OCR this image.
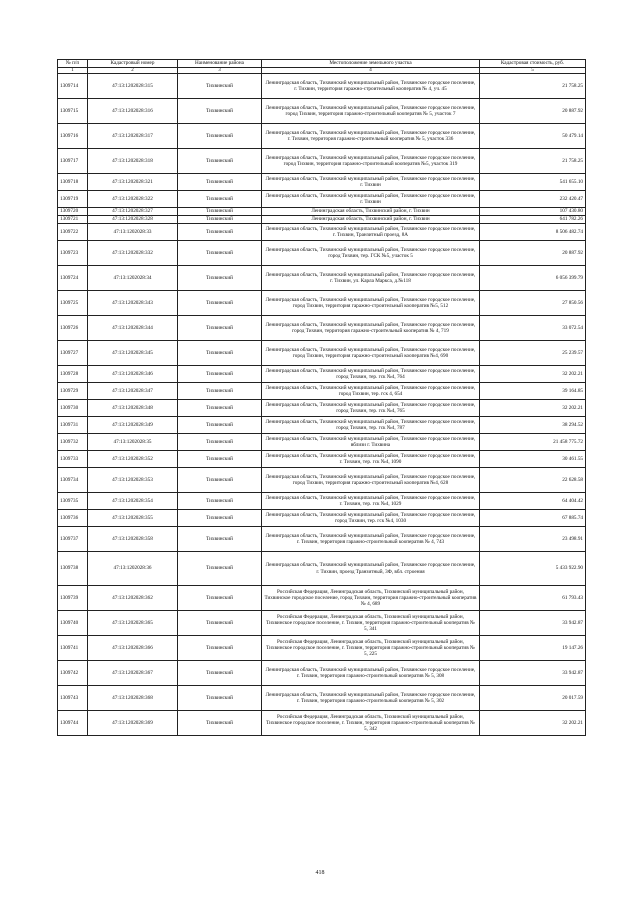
№ п/п	Кадастровый номер	Наименование района	Местоположение земельного участка	Кадастровая стоимость, руб.
1	2	3	4	5
1309714	47:13:1202028:315	Тихвинский	Ленинградская область, Тихвинский муниципальный район, Тихвинское городское поселение, г. Тихвин, территория гаражно-строительный кооператив № 4, уч. 45	21 758.25
1309715	47:13:1202028:316	Тихвинский	Ленинградская область, Тихвинский муниципальный район, Тихвинское городское поселение, город Тихвин, территория гаражно-строительный кооператив № 5, участок 7	20 887.92
1309716	47:13:1202028:317	Тихвинский	Ленинградская область, Тихвинский муниципальный район, Тихвинское городское поселение, г. Тихвин, территория гаражно-строительный кооператив № 5, участок 336	50 479.14
1309717	47:13:1202028:318	Тихвинский	Ленинградская область, Тихвинский муниципальный район, Тихвинское городское поселение, город Тихвин, территория гаражно-строительный кооператив №5, участок 319	21 758.25
1309718	47:13:1202028:321	Тихвинский	Ленинградская область, Тихвинский муниципальный район, Тихвинское городское поселение, г. Тихвин	541 655.10
1309719	47:13:1202028:322	Тихвинский	Ленинградская область, Тихвинский муниципальный район, Тихвинское городское поселение, г. Тихвин	232 420.47
1309720	47:13:1202028:327	Тихвинский	Ленинградская область, Тихвинский район, г. Тихвин	107 430.80
1309721	47:13:1202028:328	Тихвинский	Ленинградская область, Тихвинский район, г. Тихвин	641 782.26
1309722	47:13:1202028:33	Тихвинский	Ленинградская область, Тихвинский муниципальный район, Тихвинское городское поселение, г. Тихвин, Транзитный проезд, 8А	8 506 482.74
1309723	47:13:1202028:332	Тихвинский	Ленинградская область, Тихвинский муниципальный район, Тихвинское городское поселение, город Тихвин, тер. ГСК №5, участок 5	20 887.92
1309724	47:13:1202028:34	Тихвинский	Ленинградская область, Тихвинский муниципальный район, Тихвинское городское поселение, г. Тихвин, ул. Карла Маркса, д.№118	6 056 399.79
1309725	47:13:1202028:343	Тихвинский	Ленинградская область, Тихвинский муниципальный район, Тихвинское городское поселение, город Тихвин, территория гаражно-строительный кооператив №5, 512	27 850.56
1309726	47:13:1202028:344	Тихвинский	Ленинградская область, Тихвинский муниципальный район, Тихвинское городское поселение, город Тихвин, территория гаражно-строительный кооператив № 4, 719	33 072.54
1309727	47:13:1202028:345	Тихвинский	Ленинградская область, Тихвинский муниципальный район, Тихвинское городское поселение, город Тихвин, территория гаражно-строительный кооператив №4, 690	25 239.57
1309728	47:13:1202028:346	Тихвинский	Ленинградская область, Тихвинский муниципальный район, Тихвинское городское поселение, город Тихвин, тер. гск №4, 764	32 202.21
1309729	47:13:1202028:347	Тихвинский	Ленинградская область, Тихвинский муниципальный район, Тихвинское городское поселение, город Тихвин, тер. гск 4, 654	39 164.85
1309730	47:13:1202028:348	Тихвинский	Ленинградская область, Тихвинский муниципальный район, Тихвинское городское поселение, город Тихвин, тер. гск №4, 765	32 202.21
1309731	47:13:1202028:349	Тихвинский	Ленинградская область, Тихвинский муниципальный район, Тихвинское городское поселение, город Тихвин, тер. гск №4, 787	38 294.52
1309732	47:13:1202028:35	Тихвинский	Ленинградская область, Тихвинский муниципальный район, Тихвинское городское поселение, вблизи г. Тихвина	21 458 775.72
1309733	47:13:1202028:352	Тихвинский	Ленинградская область, Тихвинский муниципальный район, Тихвинское городское поселение, г. Тихвин, тер. гск №4, 1090	30 461.55
1309734	47:13:1202028:353	Тихвинский	Ленинградская область, Тихвинский муниципальный район, Тихвинское городское поселение, город Тихвин, территория гаражно-строительный кооператив №4, 628	22 628.58
1309735	47:13:1202028:354	Тихвинский	Ленинградская область, Тихвинский муниципальный район, Тихвинское городское поселение, г. Тихвин, тер. гск №4, 1029	64 404.42
1309736	47:13:1202028:355	Тихвинский	Ленинградская область, Тихвинский муниципальный район, Тихвинское городское поселение, город Тихвин, тер. гск №4, 1030	67 885.74
1309737	47:13:1202028:358	Тихвинский	Ленинградская область, Тихвинский муниципальный район, Тихвинское городское поселение, г. Тихвин, территория гаражно-строительный кооператив № 4, 743	23 498.91
1309738	47:13:1202028:36	Тихвинский	Ленинградская область, Тихвинский муниципальный район, Тихвинское городское поселение, г. Тихвин, проезд Транзитный, 3Ф, вбл. строения	5 433 922.90
1309739	47:13:1202028:362	Тихвинский	Российская Федерация, Ленинградская область, Тихвинский муниципальный район, Тихвинское городское поселение, город Тихвин, территория гаражно-строительный кооператив № 4, 689	61 793.43
1309740	47:13:1202028:365	Тихвинский	Российская Федерация, Ленинградская область, Тихвинский муниципальный район, Тихвинское городское поселение, г. Тихвин, территория гаражно-строительный кооператив № 5, 341	33 942.87
1309741	47:13:1202028:366	Тихвинский	Российская Федерация, Ленинградская область, Тихвинский муниципальный район, Тихвинское городское поселение, г. Тихвин, территория гаражно-строительный кооператив № 5, 225	19 147.26
1309742	47:13:1202028:367	Тихвинский	Ленинградская область, Тихвинский муниципальный район, Тихвинское городское поселение, г. Тихвин, территория гаражно-строительный кооператив № 5, 308	33 942.87
1309743	47:13:1202028:368	Тихвинский	Ленинградская область, Тихвинский муниципальный район, Тихвинское городское поселение, г. Тихвин, территория гаражно-строительный кооператив № 5, 302	20 017.59
1309744	47:13:1202028:369	Тихвинский	Российская Федерация, Ленинградская область, Тихвинский муниципальный район, Тихвинское городское поселение, г. Тихвин, территория гаражно-строительный кооператив № 5, 342	32 202.21
418
